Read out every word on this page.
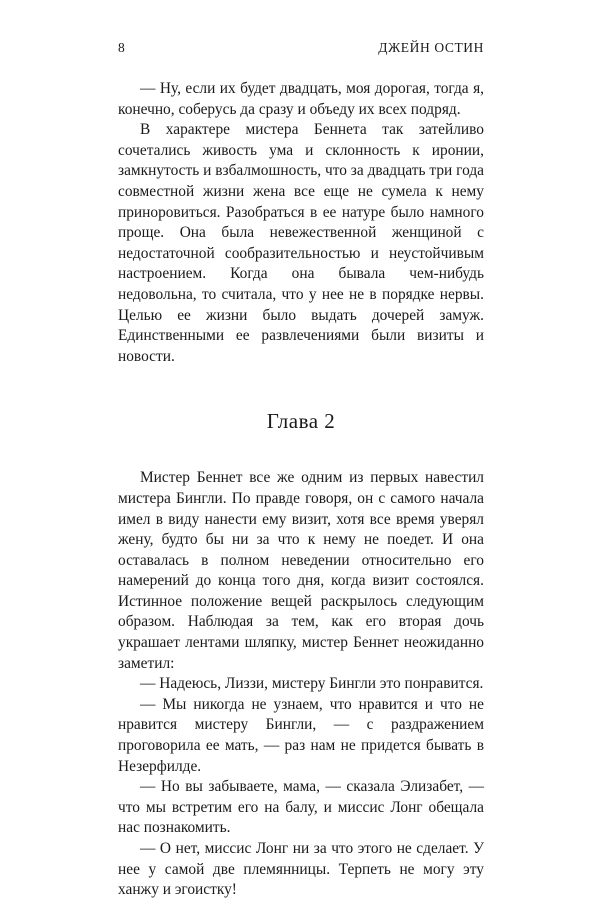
8	ДЖЕЙН ОСТИН

— Ну, если их будет двадцать, моя дорогая, тогда я, конечно, соберусь да сразу и объеду их всех подряд.

В характере мистера Беннета так затейливо сочетались живость ума и склонность к иронии, замкнутость и взбалмошность, что за двадцать три года совместной жизни жена все еще не сумела к нему приноровиться. Разобраться в ее натуре было намного проще. Она была невежественной женщиной с недостаточной сообразительностью и неустойчивым настроением. Когда она бывала чем-нибудь недовольна, то считала, что у нее не в порядке нервы. Целью ее жизни было выдать дочерей замуж. Единственными ее развлечениями были визиты и новости.

Глава 2

Мистер Беннет все же одним из первых навестил мистера Бингли. По правде говоря, он с самого начала имел в виду нанести ему визит, хотя все время уверял жену, будто бы ни за что к нему не поедет. И она оставалась в полном неведении относительно его намерений до конца того дня, когда визит состоялся. Истинное положение вещей раскрылось следующим образом. Наблюдая за тем, как его вторая дочь украшает лентами шляпку, мистер Беннет неожиданно заметил:

— Надеюсь, Лиззи, мистеру Бингли это понравится.

— Мы никогда не узнаем, что нравится и что не нравится мистеру Бингли, — с раздражением проговорила ее мать, — раз нам не придется бывать в Незерфилде.

— Но вы забываете, мама, — сказала Элизабет, — что мы встретим его на балу, и миссис Лонг обещала нас познакомить.

— О нет, миссис Лонг ни за что этого не сделает. У нее у самой две племянницы. Терпеть не могу эту ханжу и эгоистку!
